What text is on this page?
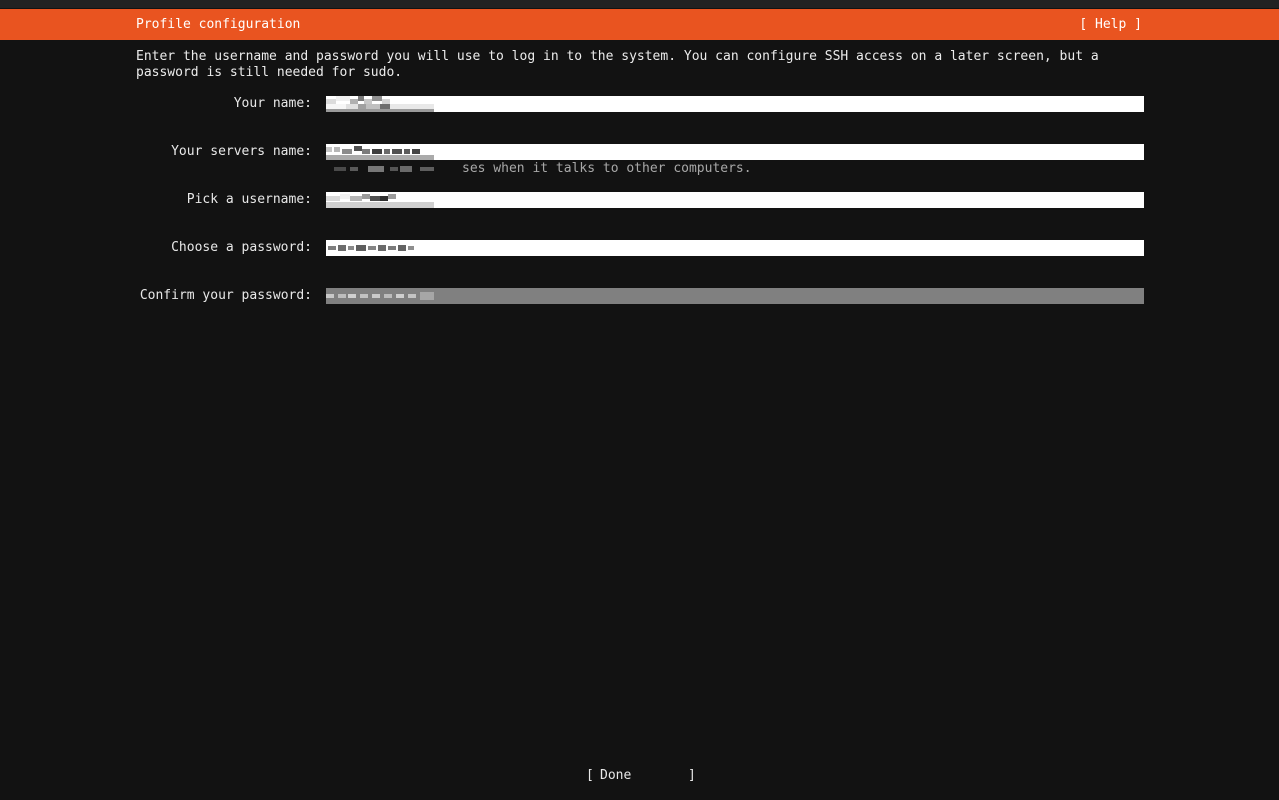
Profile configuration	[ Help ]
Enter the username and password you will use to log in to the system. You can configure SSH access on a later screen, but a password is still needed for sudo.
Your name:
Your servers name:
ses when it talks to other computers.
Pick a username:
Choose a password:
Confirm your password:
[ Done	]
